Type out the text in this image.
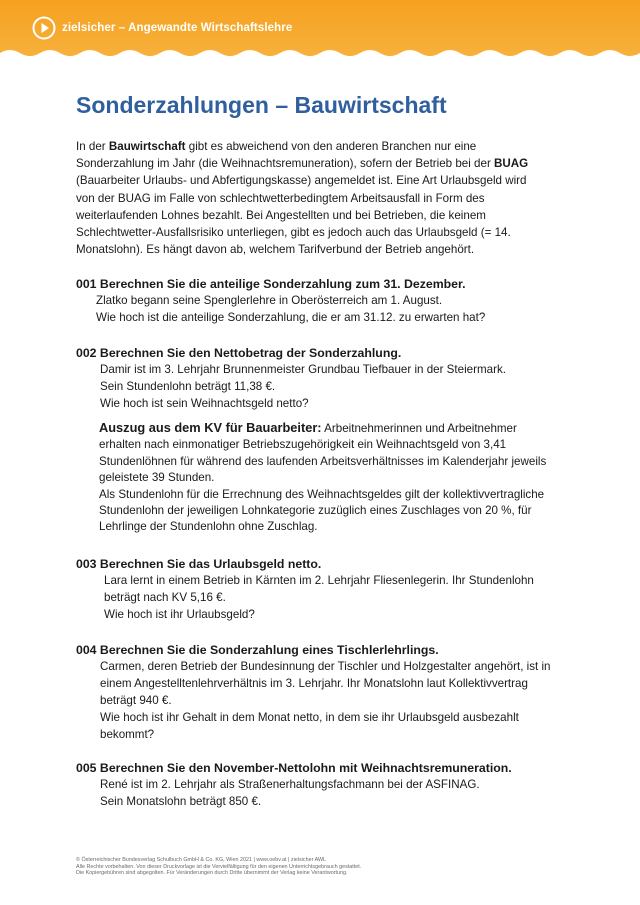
zielsicher – Angewandte Wirtschaftslehre
Sonderzahlungen – Bauwirtschaft

In der Bauwirtschaft gibt es abweichend von den anderen Branchen nur eine Sonderzahlung im Jahr (die Weihnachtsremuneration), sofern der Betrieb bei der BUAG (Bauarbeiter Urlaubs- und Abfertigungskasse) angemeldet ist. Eine Art Urlaubsgeld wird von der BUAG im Falle von schlechtwetterbedingtem Arbeitsausfall in Form des weiterlaufenden Lohnes bezahlt. Bei Angestellten und bei Betrieben, die keinem Schlechtwetter-Ausfallsrisiko unterliegen, gibt es jedoch auch das Urlaubsgeld (= 14. Monatslohn). Es hängt davon ab, welchem Tarifverbund der Betrieb angehört.

001 Berechnen Sie die anteilige Sonderzahlung zum 31. Dezember.

Zlatko begann seine Spenglerlehre in Oberösterreich am 1. August.

Wie hoch ist die anteilige Sonderzahlung, die er am 31.12. zu erwarten hat?

002 Berechnen Sie den Nettobetrag der Sonderzahlung.

Damir ist im 3. Lehrjahr Brunnenmeister Grundbau Tiefbauer in der Steiermark.

Sein Stundenlohn beträgt 11,38 €.

Wie hoch ist sein Weihnachtsgeld netto?

Auszug aus dem KV für Bauarbeiter: Arbeitnehmerinnen und Arbeitnehmer erhalten nach einmonatiger Betriebszugehörigkeit ein Weihnachtsgeld von 3,41 Stundenlöhnen für während des laufenden Arbeitsverhältnisses im Kalenderjahr jeweils geleistete 39 Stunden.

Als Stundenlohn für die Errechnung des Weihnachtsgeldes gilt der kollektivvertragliche Stundenlohn der jeweiligen Lohnkategorie zuzüglich eines Zuschlages von 20 %, für Lehrlinge der Stundenlohn ohne Zuschlag.

003 Berechnen Sie das Urlaubsgeld netto.

Lara lernt in einem Betrieb in Kärnten im 2. Lehrjahr Fliesenlegerin. Ihr Stundenlohn

beträgt nach KV 5,16 €.

Wie hoch ist ihr Urlaubsgeld?

004 Berechnen Sie die Sonderzahlung eines Tischlerlehrlings.

Carmen, deren Betrieb der Bundesinnung der Tischler und Holzgestalter angehört, ist in

einem Angestelltenlehrverhältnis im 3. Lehrjahr. Ihr Monatslohn laut Kollektivvertrag

beträgt 940 €.

Wie hoch ist ihr Gehalt in dem Monat netto, in dem sie ihr Urlaubsgeld ausbezahlt

bekommt?

005 Berechnen Sie den November-Nettolohn mit Weihnachtsremuneration.

René ist im 2. Lehrjahr als Straßenerhaltungsfachmann bei der ASFINAG.

Sein Monatslohn beträgt 850 €.

© Österreichischer Bundesverlag Schulbuch GmbH & Co. KG, Wien 2021 | www.oebv.at | zielsicher AWL
Alle Rechte vorbehalten. Von dieser Druckvorlage ist die Vervielfältigung für den eigenen Unterrichtsgebrauch gestattet.
Die Kopiergebühren sind abgegolten. Für Veränderungen durch Dritte übernimmt der Verlag keine Verantwortung.
